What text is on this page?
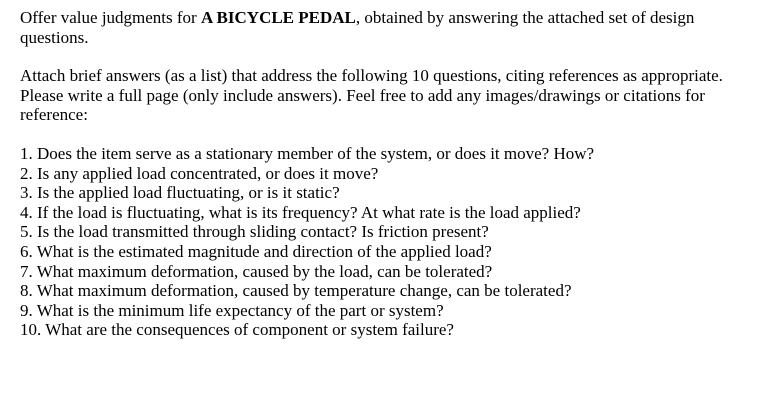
Offer value judgments for A BICYCLE PEDAL, obtained by answering the attached set of design questions.

Attach brief answers (as a list) that address the following 10 questions, citing references as appropriate. Please write a full page (only include answers). Feel free to add any images/drawings or citations for reference:

1. Does the item serve as a stationary member of the system, or does it move? How?
2. Is any applied load concentrated, or does it move?
3. Is the applied load fluctuating, or is it static?
4. If the load is fluctuating, what is its frequency? At what rate is the load applied?
5. Is the load transmitted through sliding contact? Is friction present?
6. What is the estimated magnitude and direction of the applied load?
7. What maximum deformation, caused by the load, can be tolerated?
8. What maximum deformation, caused by temperature change, can be tolerated?
9. What is the minimum life expectancy of the part or system?
10. What are the consequences of component or system failure?
